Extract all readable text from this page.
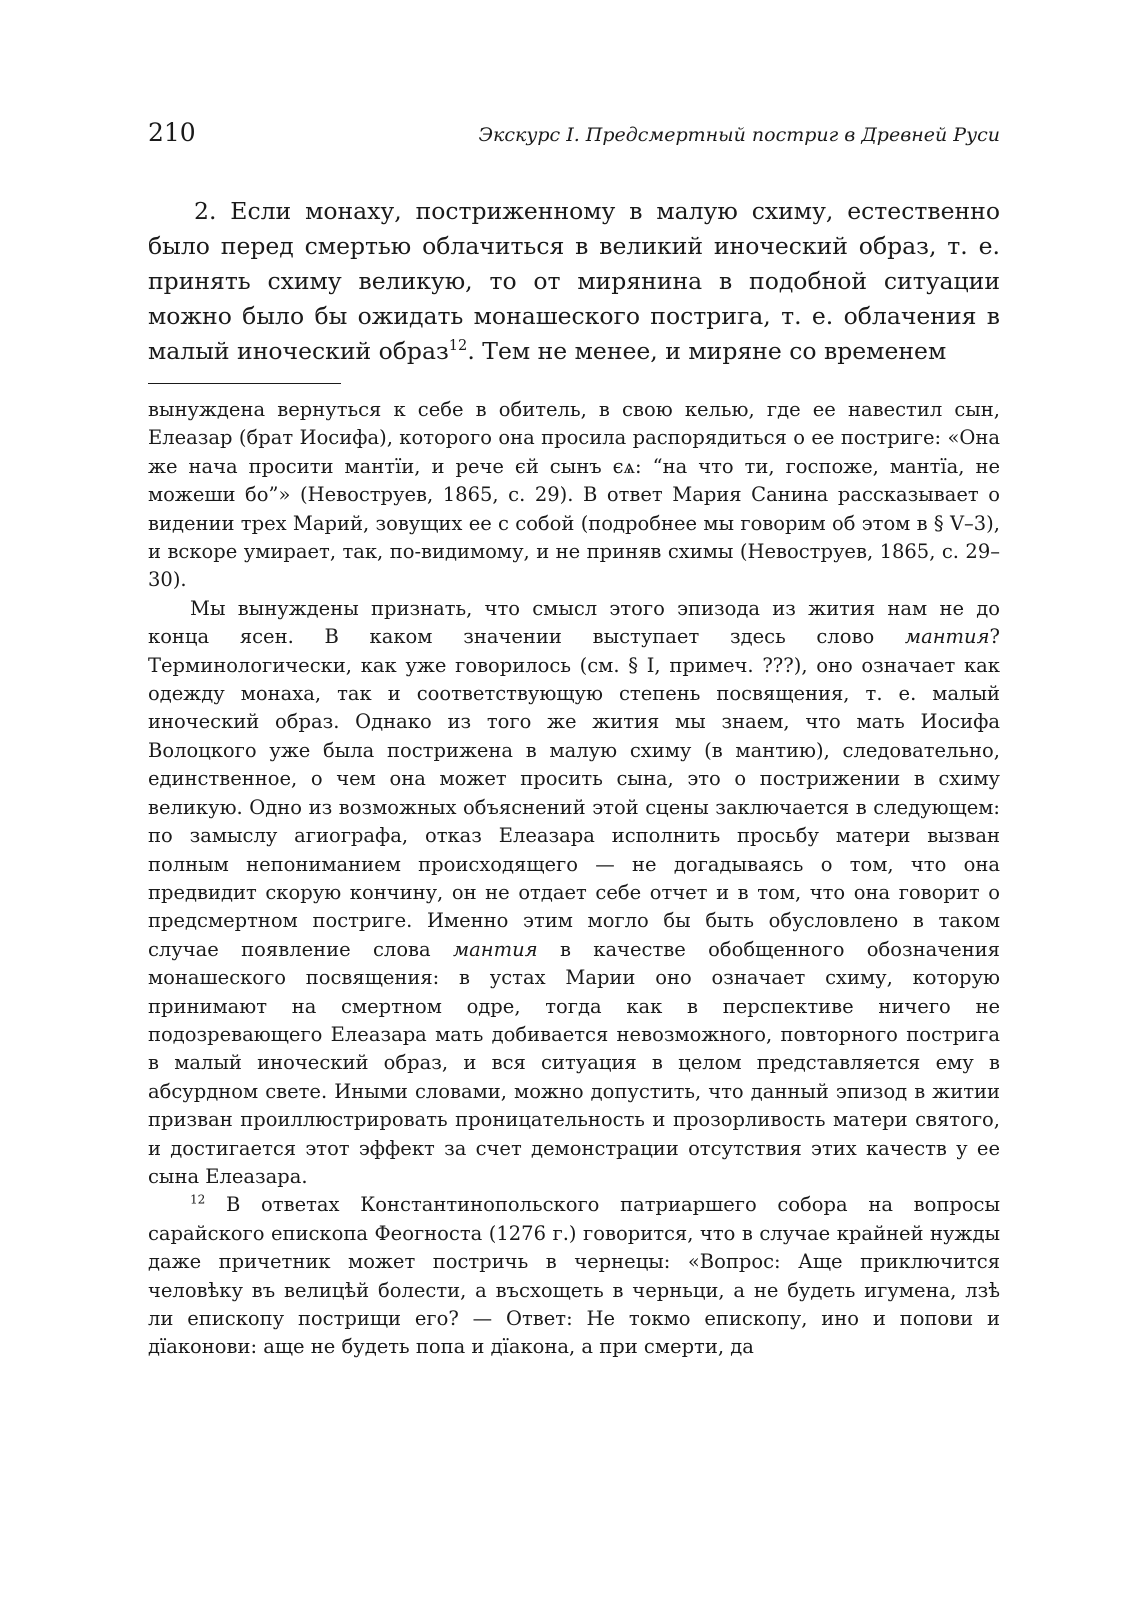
210	Экскурс I. Предсмертный постриг в Древней Руси

2. Если монаху, постриженному в малую схиму, естественно было перед смертью облачиться в великий иноческий образ, т. е. принять схиму великую, то от мирянина в подобной ситуации можно было бы ожидать монашеского пострига, т. е. облачения в малый иноческий образ$^{12}$. Тем не менее, и миряне со временем

вынуждена вернуться к себе в обитель, в свою келью, где ее навестил сын, Елеазар (брат Иосифа), которого она просила распорядиться о ее постриге: «Она же нача просити мантïи, и рече єй сынъ єѧ: “на что ти, госпоже, мантïа, не можеши бо”» (Невоструев, 1865, с. 29). В ответ Мария Санина рассказывает о видении трех Марий, зовущих ее с собой (подробнее мы говорим об этом в § V–3), и вскоре умирает, так, по-видимому, и не приняв схимы (Невоструев, 1865, с. 29–30).

Мы вынуждены признать, что смысл этого эпизода из жития нам не до конца ясен. В каком значении выступает здесь слово мантия? Терминологически, как уже говорилось (см. § I, примеч. ???), оно означает как одежду монаха, так и соответствующую степень посвящения, т. е. малый иноческий образ. Однако из того же жития мы знаем, что мать Иосифа Волоцкого уже была пострижена в малую схиму (в мантию), следовательно, единственное, о чем она может просить сына, это о пострижении в схиму великую. Одно из возможных объяснений этой сцены заключается в следующем: по замыслу агиографа, отказ Елеазара исполнить просьбу матери вызван полным непониманием происходящего — не догадываясь о том, что она предвидит скорую кончину, он не отдает себе отчет и в том, что она говорит о предсмертном постриге. Именно этим могло бы быть обусловлено в таком случае появление слова мантия в качестве обобщенного обозначения монашеского посвящения: в устах Марии оно означает схиму, которую принимают на смертном одре, тогда как в перспективе ничего не подозревающего Елеазара мать добивается невозможного, повторного пострига в малый иноческий образ, и вся ситуация в целом представляется ему в абсурдном свете. Иными словами, можно допустить, что данный эпизод в житии призван проиллюстрировать проницательность и прозорливость матери святого, и достигается этот эффект за счет демонстрации отсутствия этих качеств у ее сына Елеазара.

$^{12}$ В ответах Константинопольского патриаршего собора на вопросы сарайского епископа Феогноста (1276 г.) говорится, что в случае крайней нужды даже причетник может постричь в чернецы: «Вопрос: Аще приключится человѣку въ велицѣй болести, а въсхощеть в черньци, а не будеть игумена, лзѣ ли епископу пострищи его? — Ответ: Не токмо епископу, ино и попови и дïаконови: аще не будеть попа и дïакона, а при смерти, да
